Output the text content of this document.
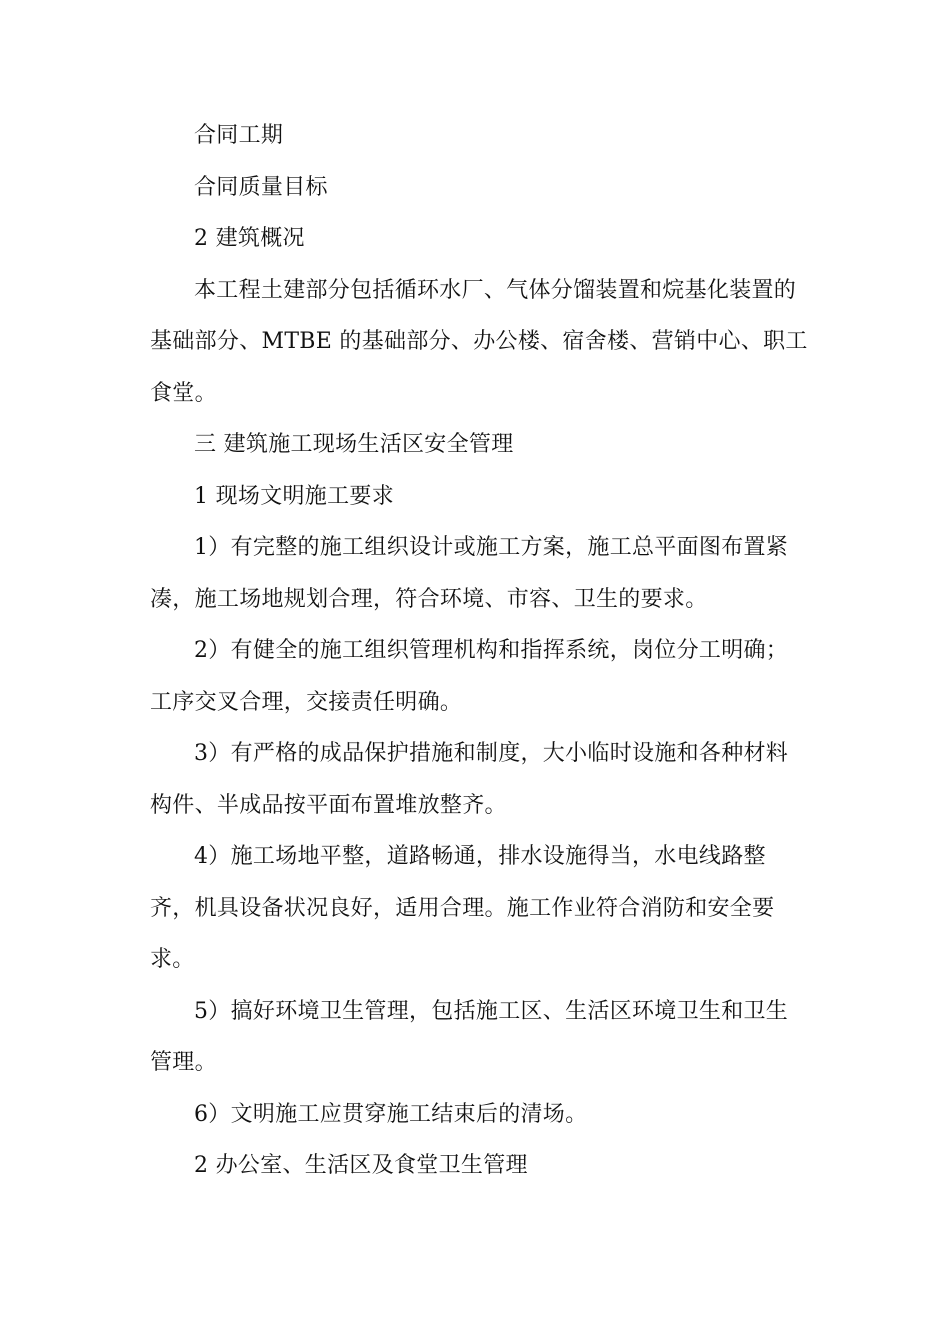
合同工期

合同质量目标

2 建筑概况

本工程土建部分包括循环水厂、气体分馏装置和烷基化装置的

基础部分、MTBE 的基础部分、办公楼、宿舍楼、营销中心、职工

食堂。

三 建筑施工现场生活区安全管理

1 现场文明施工要求

1）有完整的施工组织设计或施工方案，施工总平面图布置紧

凑，施工场地规划合理，符合环境、市容、卫生的要求。

2）有健全的施工组织管理机构和指挥系统，岗位分工明确；

工序交叉合理，交接责任明确。

3）有严格的成品保护措施和制度，大小临时设施和各种材料

构件、半成品按平面布置堆放整齐。

4）施工场地平整，道路畅通，排水设施得当，水电线路整

齐，机具设备状况良好，适用合理。施工作业符合消防和安全要

求。

5）搞好环境卫生管理，包括施工区、生活区环境卫生和卫生

管理。

6）文明施工应贯穿施工结束后的清场。

2 办公室、生活区及食堂卫生管理
